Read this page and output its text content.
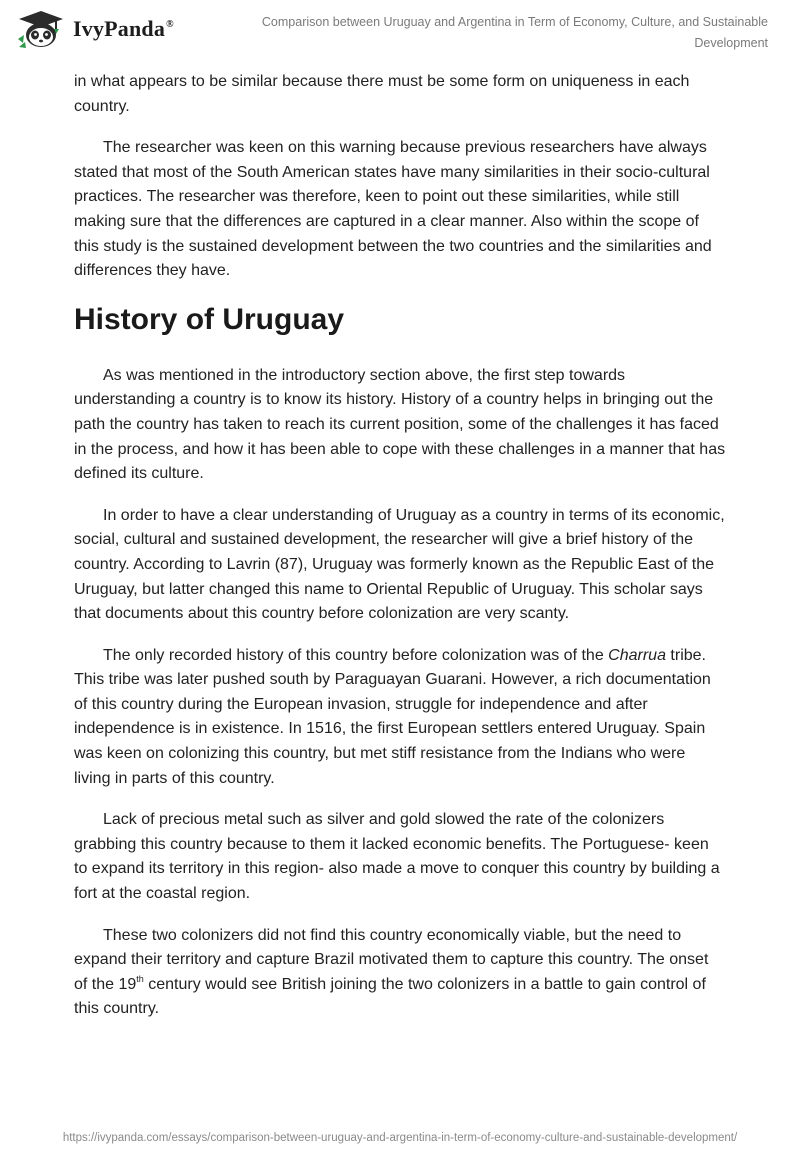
IvyPanda®	Comparison between Uruguay and Argentina in Term of Economy, Culture, and Sustainable Development

in what appears to be similar because there must be some form on uniqueness in each country.

The researcher was keen on this warning because previous researchers have always stated that most of the South American states have many similarities in their socio-cultural practices. The researcher was therefore, keen to point out these similarities, while still making sure that the differences are captured in a clear manner. Also within the scope of this study is the sustained development between the two countries and the similarities and differences they have.

History of Uruguay

As was mentioned in the introductory section above, the first step towards understanding a country is to know its history. History of a country helps in bringing out the path the country has taken to reach its current position, some of the challenges it has faced in the process, and how it has been able to cope with these challenges in a manner that has defined its culture.

In order to have a clear understanding of Uruguay as a country in terms of its economic, social, cultural and sustained development, the researcher will give a brief history of the country. According to Lavrin (87), Uruguay was formerly known as the Republic East of the Uruguay, but latter changed this name to Oriental Republic of Uruguay. This scholar says that documents about this country before colonization are very scanty.

The only recorded history of this country before colonization was of the Charrua tribe. This tribe was later pushed south by Paraguayan Guarani. However, a rich documentation of this country during the European invasion, struggle for independence and after independence is in existence. In 1516, the first European settlers entered Uruguay. Spain was keen on colonizing this country, but met stiff resistance from the Indians who were living in parts of this country.

Lack of precious metal such as silver and gold slowed the rate of the colonizers grabbing this country because to them it lacked economic benefits. The Portuguese- keen to expand its territory in this region- also made a move to conquer this country by building a fort at the coastal region.

These two colonizers did not find this country economically viable, but the need to expand their territory and capture Brazil motivated them to capture this country. The onset of the 19th century would see British joining the two colonizers in a battle to gain control of this country.

https://ivypanda.com/essays/comparison-between-uruguay-and-argentina-in-term-of-economy-culture-and-sustainable-development/
